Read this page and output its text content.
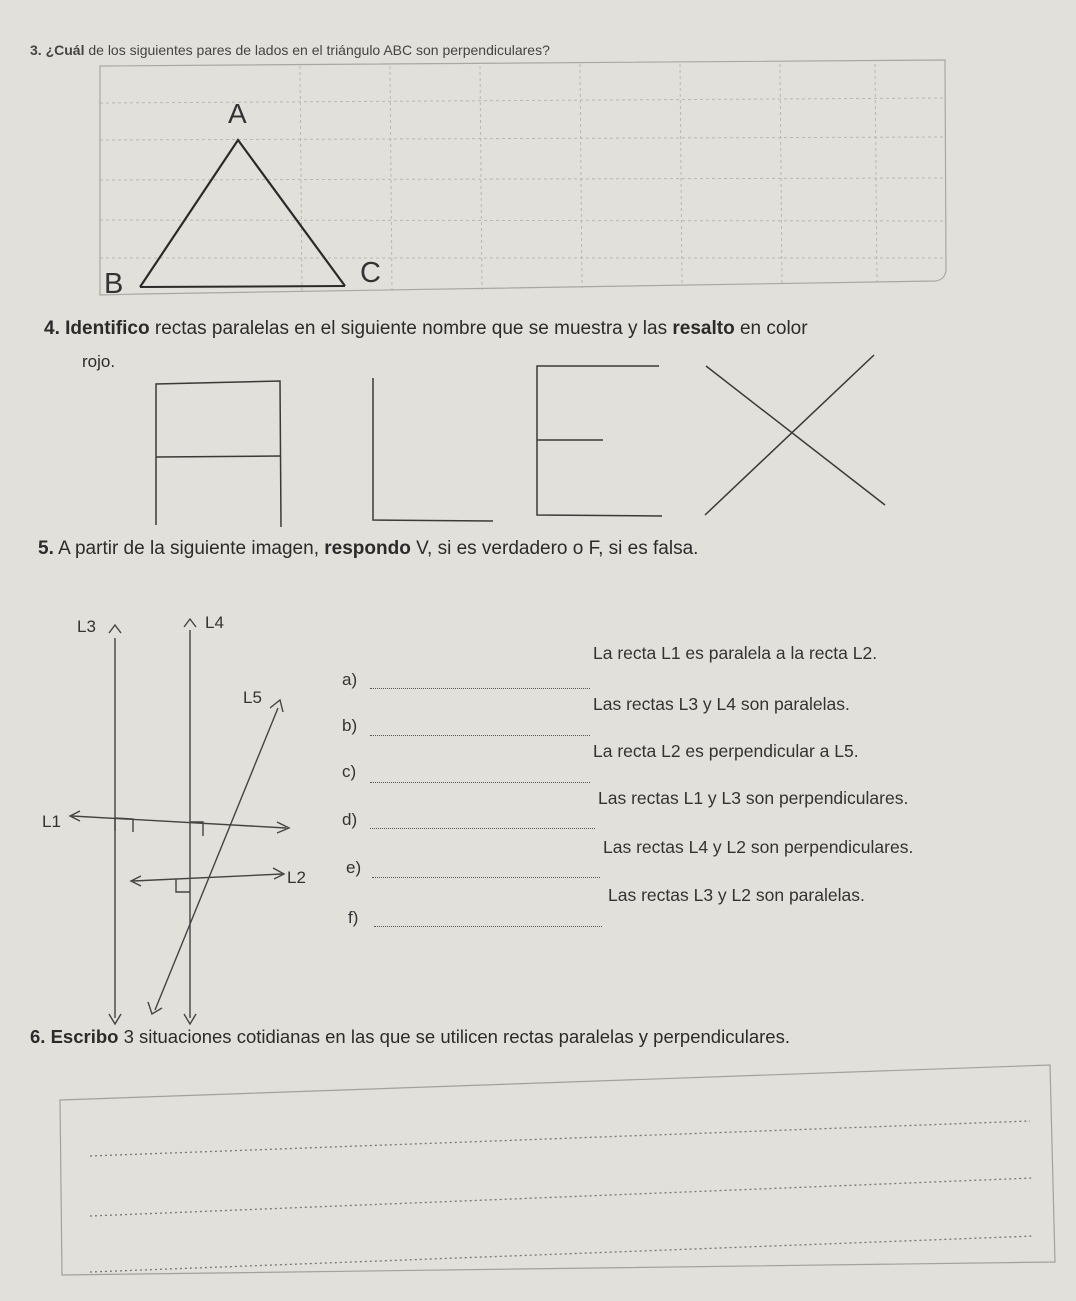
3. ¿Cuál de los siguientes pares de lados en el triángulo ABC son perpendiculares?
A
B	C
4. Identifico rectas paralelas en el siguiente nombre que se muestra y las resalto en color
rojo.
5. A partir de la siguiente imagen, respondo V, si es verdadero o F, si es falsa.
L3	L4
L5
L1
L2
a)
La recta L1 es paralela a la recta L2.
b)
Las rectas L3 y L4 son paralelas.
c)
La recta L2 es perpendicular a L5.
d)
Las rectas L1 y L3 son perpendiculares.
e)
Las rectas L4 y L2 son perpendiculares.
f)
Las rectas L3 y L2 son paralelas.
6. Escribo 3 situaciones cotidianas en las que se utilicen rectas paralelas y perpendiculares.
